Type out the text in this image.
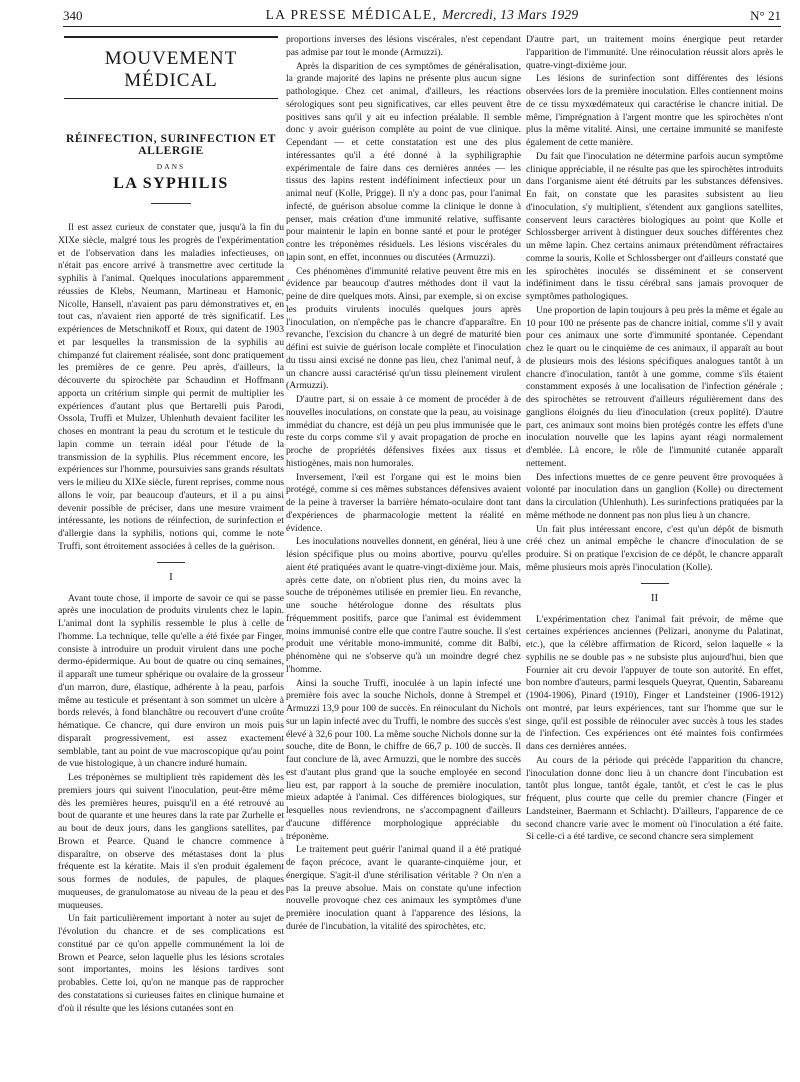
340	LA PRESSE MÉDICALE, Mercredi, 13 Mars 1929	N° 21
MOUVEMENT MÉDICAL
RÉINFECTION, SURINFECTION ET ALLERGIE
DANS
LA SYPHILIS

Il est assez curieux de constater que, jusqu'à la fin du XIXe siècle, malgré tous les progrès de l'expérimentation et de l'observation dans les maladies infectieuses, on n'était pas encore arrivé à transmettre avec certitude la syphilis à l'animal. Quelques inoculations apparemment réussies de Klebs, Neumann, Martineau et Hamonic, Nicolle, Hansell, n'avaient pas paru démonstratives et, en tout cas, n'avaient rien apporté de très significatif. Les expériences de Metschnikoff et Roux, qui datent de 1903 et par lesquelles la transmission de la syphilis au chimpanzé fut clairement réalisée, sont donc pratiquement les premières de ce genre. Peu après, d'ailleurs, la découverte du spirochète par Schaudinn et Hoffmann apporta un critérium simple qui permit de multiplier les expériences d'autant plus que Bertarelli puis Parodi, Ossola, Truffi et Mulzer, Uhlenhuth devaient faciliter les choses en montrant la peau du scrotum et le testicule du lapin comme un terrain idéal pour l'étude de la transmission de la syphilis. Plus récemment encore, les expériences sur l'homme, poursuivies sans grands résultats vers le milieu du XIXe siècle, furent reprises, comme nous allons le voir, par beaucoup d'auteurs, et il a pu ainsi devenir possible de préciser, dans une mesure vraiment intéressante, les notions de réinfection, de surinfection et d'allergie dans la syphilis, notions qui, comme le note Truffi, sont étroitement associées à celles de la guérison.

I

Avant toute chose, il importe de savoir ce qui se passe après une inoculation de produits virulents chez le lapin. L'animal dont la syphilis ressemble le plus à celle de l'homme. La technique, telle qu'elle a été fixée par Finger, consiste à introduire un produit virulent dans une poche dermo-épidermique. Au bout de quatre ou cinq semaines, il apparaît une tumeur sphérique ou ovalaire de la grosseur d'un marron, dure, élastique, adhérente à la peau, parfois même au testicule et présentant à son sommet un ulcère à bords relevés, à fond blanchâtre ou recouvert d'une croûte hématique. Ce chancre, qui dure environ un mois puis disparaît progressivement, est assez exactement semblable, tant au point de vue macroscopique qu'au point de vue histologique, à un chancre induré humain.

Les tréponèmes se multiplient très rapidement dès les premiers jours qui suivent l'inoculation, peut-être même dès les premières heures, puisqu'il en a été retrouvé au bout de quarante et une heures dans la rate par Zurhelle et au bout de deux jours, dans les ganglions satellites, par Brown et Pearce. Quand le chancre commence à disparaître, on observe des métastases dont la plus fréquente est la kératite. Mais il s'en produit également sous formes de nodules, de papules, de plaques muqueuses, de granulomatose au niveau de la peau et des muqueuses.

Un fait particulièrement important à noter au sujet de l'évolution du chancre et de ses complications est constitué par ce qu'on appelle communément la loi de Brown et Pearce, selon laquelle plus les lésions scrotales sont importantes, moins les lésions tardives sont probables. Cette loi, qu'on ne manque pas de rapprocher des constatations si curieuses faites en clinique humaine et d'où il résulte que les lésions cutanées sont en

proportions inverses des lésions viscérales, n'est cependant pas admise par tout le monde (Armuzzi).

Après la disparition de ces symptômes de généralisation, la grande majorité des lapins ne présente plus aucun signe pathologique. Chez cet animal, d'ailleurs, les réactions sérologiques sont peu significatives, car elles peuvent être positives sans qu'il y ait eu infection préalable. Il semble donc y avoir guérison complète au point de vue clinique. Cependant — et cette constatation est une des plus intéressantes qu'il a été donné à la syphiligraphie expérimentale de faire dans ces dernières années — les tissus des lapins restent indéfiniment infectieux pour un animal neuf (Kolle, Prigge). Il n'y a donc pas, pour l'animal infecté, de guérison absolue comme la clinique le donne à penser, mais création d'une immunité relative, suffisante pour maintenir le lapin en bonne santé et pour le protéger contre les tréponèmes résiduels. Les lésions viscérales du lapin sont, en effet, inconnues ou discutées (Armuzzi).

Ces phénomènes d'immunité relative peuvent être mis en évidence par beaucoup d'autres méthodes dont il vaut la peine de dire quelques mots. Ainsi, par exemple, si on excise les produits virulents inoculés quelques jours après l'inoculation, on n'empêche pas le chancre d'apparaître. En revanche, l'excision du chancre à un degré de maturité bien défini est suivie de guérison locale complète et l'inoculation du tissu ainsi excisé ne donne pas lieu, chez l'animal neuf, à un chancre aussi caractérisé qu'un tissu pleinement virulent (Armuzzi).

D'autre part, si on essaie à ce moment de procéder à de nouvelles inoculations, on constate que la peau, au voisinage immédiat du chancre, est déjà un peu plus immunisée que le reste du corps comme s'il y avait propagation de proche en proche de propriétés défensives fixées aux tissus et histiogènes, mais non humorales.

Inversement, l'œil est l'organe qui est le moins bien protégé, comme si ces mêmes substances défensives avaient de la peine à traverser la barrière hémato-oculaire dont tant d'expériences de pharmacologie mettent la réalité en évidence.

Les inoculations nouvelles donnent, en général, lieu à une lésion spécifique plus ou moins abortive, pourvu qu'elles aient été pratiquées avant le quatre-vingt-dixième jour. Mais, après cette date, on n'obtient plus rien, du moins avec la souche de tréponèmes utilisée en premier lieu. En revanche, une souche hétérologue donne des résultats plus fréquemment positifs, parce que l'animal est évidemment moins immunisé contre elle que contre l'autre souche. Il s'est produit une véritable mono-immunité, comme dit Balbi, phénomène qui ne s'observe qu'à un moindre degré chez l'homme.

Ainsi la souche Truffi, inoculée à un lapin infecté une première fois avec la souche Nichols, donne à Strempel et Armuzzi 13,9 pour 100 de succès. En réinoculant du Nichols sur un lapin infecté avec du Truffi, le nombre des succès s'est élevé à 32,6 pour 100. La même souche Nichols donne sur la souche, dite de Bonn, le chiffre de 66,7 p. 100 de succès. Il faut conclure de là, avec Armuzzi, que le nombre des succès est d'autant plus grand que la souche employée en second lieu est, par rapport à la souche de première inoculation, mieux adaptée à l'animal. Ces différences biologiques, sur lesquelles nous reviendrons, ne s'accompagnent d'ailleurs d'aucune différence morphologique appréciable du tréponème.

Le traitement peut guérir l'animal quand il a été pratiqué de façon précoce, avant le quarante-cinquième jour, et énergique. S'agit-il d'une stérilisation véritable ? On n'en a pas la preuve absolue. Mais on constate qu'une infection nouvelle provoque chez ces animaux les symptômes d'une première inoculation quant à l'apparence des lésions, la durée de l'incubation, la vitalité des spirochètes, etc.

D'autre part, un traitement moins énergique peut retarder l'apparition de l'immunité. Une réinoculation réussit alors après le quatre-vingt-dixième jour.

Les lésions de surinfection sont différentes des lésions observées lors de la première inoculation. Elles contiennent moins de ce tissu myxœdémateux qui caractérise le chancre initial. De même, l'imprégnation à l'argent montre que les spirochètes n'ont plus la même vitalité. Ainsi, une certaine immunité se manifeste également de cette manière.

Du fait que l'inoculation ne détermine parfois aucun symptôme clinique appréciable, il ne résulte pas que les spirochètes introduits dans l'organisme aient été détruits par les substances défensives. En fait, on constate que les parasites subsistent au lieu d'inoculation, s'y multiplient, s'étendent aux ganglions satellites, conservent leurs caractères biologiques au point que Kolle et Schlossberger arrivent à distinguer deux souches différentes chez un même lapin. Chez certains animaux prétendûment réfractaires comme la souris, Kolle et Schlossberger ont d'ailleurs constaté que les spirochètes inoculés se disséminent et se conservent indéfiniment dans le tissu cérébral sans jamais provoquer de symptômes pathologiques.

Une proportion de lapin toujours à peu près la même et égale au 10 pour 100 ne présente pas de chancre initial, comme s'il y avait pour ces animaux une sorte d'immunité spontanée. Cependant chez le quart ou le cinquième de ces animaux, il apparaît au bout de plusieurs mois des lésions spécifiques analogues tantôt à un chancre d'inoculation, tantôt à une gomme, comme s'ils étaient constamment exposés à une localisation de l'infection générale ; des spirochètes se retrouvent d'ailleurs régulièrement dans des ganglions éloignés du lieu d'inoculation (creux poplité). D'autre part, ces animaux sont moins bien protégés contre les effets d'une inoculation nouvelle que les lapins ayant réagi normalement d'emblée. Là encore, le rôle de l'immunité cutanée apparaît nettement.

Des infections muettes de ce genre peuvent être provoquées à volonté par inoculation dans un ganglion (Kolle) ou directement dans la circulation (Uhlenhuth). Les surinfections pratiquées par la même méthode ne donnent pas non plus lieu à un chancre.

Un fait plus intéressant encore, c'est qu'un dépôt de bismuth créé chez un animal empêche le chancre d'inoculation de se produire. Si on pratique l'excision de ce dépôt, le chancre apparaît même plusieurs mois après l'inoculation (Kolle).

II

L'expérimentation chez l'animal fait prévoir, de même que certaines expériences anciennes (Pelizari, anonyme du Palatinat, etc.), que la célèbre affirmation de Ricord, selon laquelle « la syphilis ne se double pas » ne subsiste plus aujourd'hui, bien que Fournier ait cru devoir l'appuyer de toute son autorité. En effet, bon nombre d'auteurs, parmi lesquels Queyrat, Quentin, Sabareanu (1904-1906), Pinard (1910), Finger et Landsteiner (1906-1912) ont montré, par leurs expériences, tant sur l'homme que sur le singe, qu'il est possible de réinoculer avec succès à tous les stades de l'infection. Ces expériences ont été maintes fois confirmées dans ces dernières années.

Au cours de la période qui précède l'apparition du chancre, l'inoculation donne donc lieu à un chancre dont l'incubation est tantôt plus longue, tantôt égale, tantôt, et c'est le cas le plus fréquent, plus courte que celle du premier chancre (Finger et Landsteiner, Baermann et Schlacht). D'ailleurs, l'apparence de ce second chancre varie avec le moment où l'inoculation a été faite. Si celle-ci a été tardive, ce second chancre sera simplement
